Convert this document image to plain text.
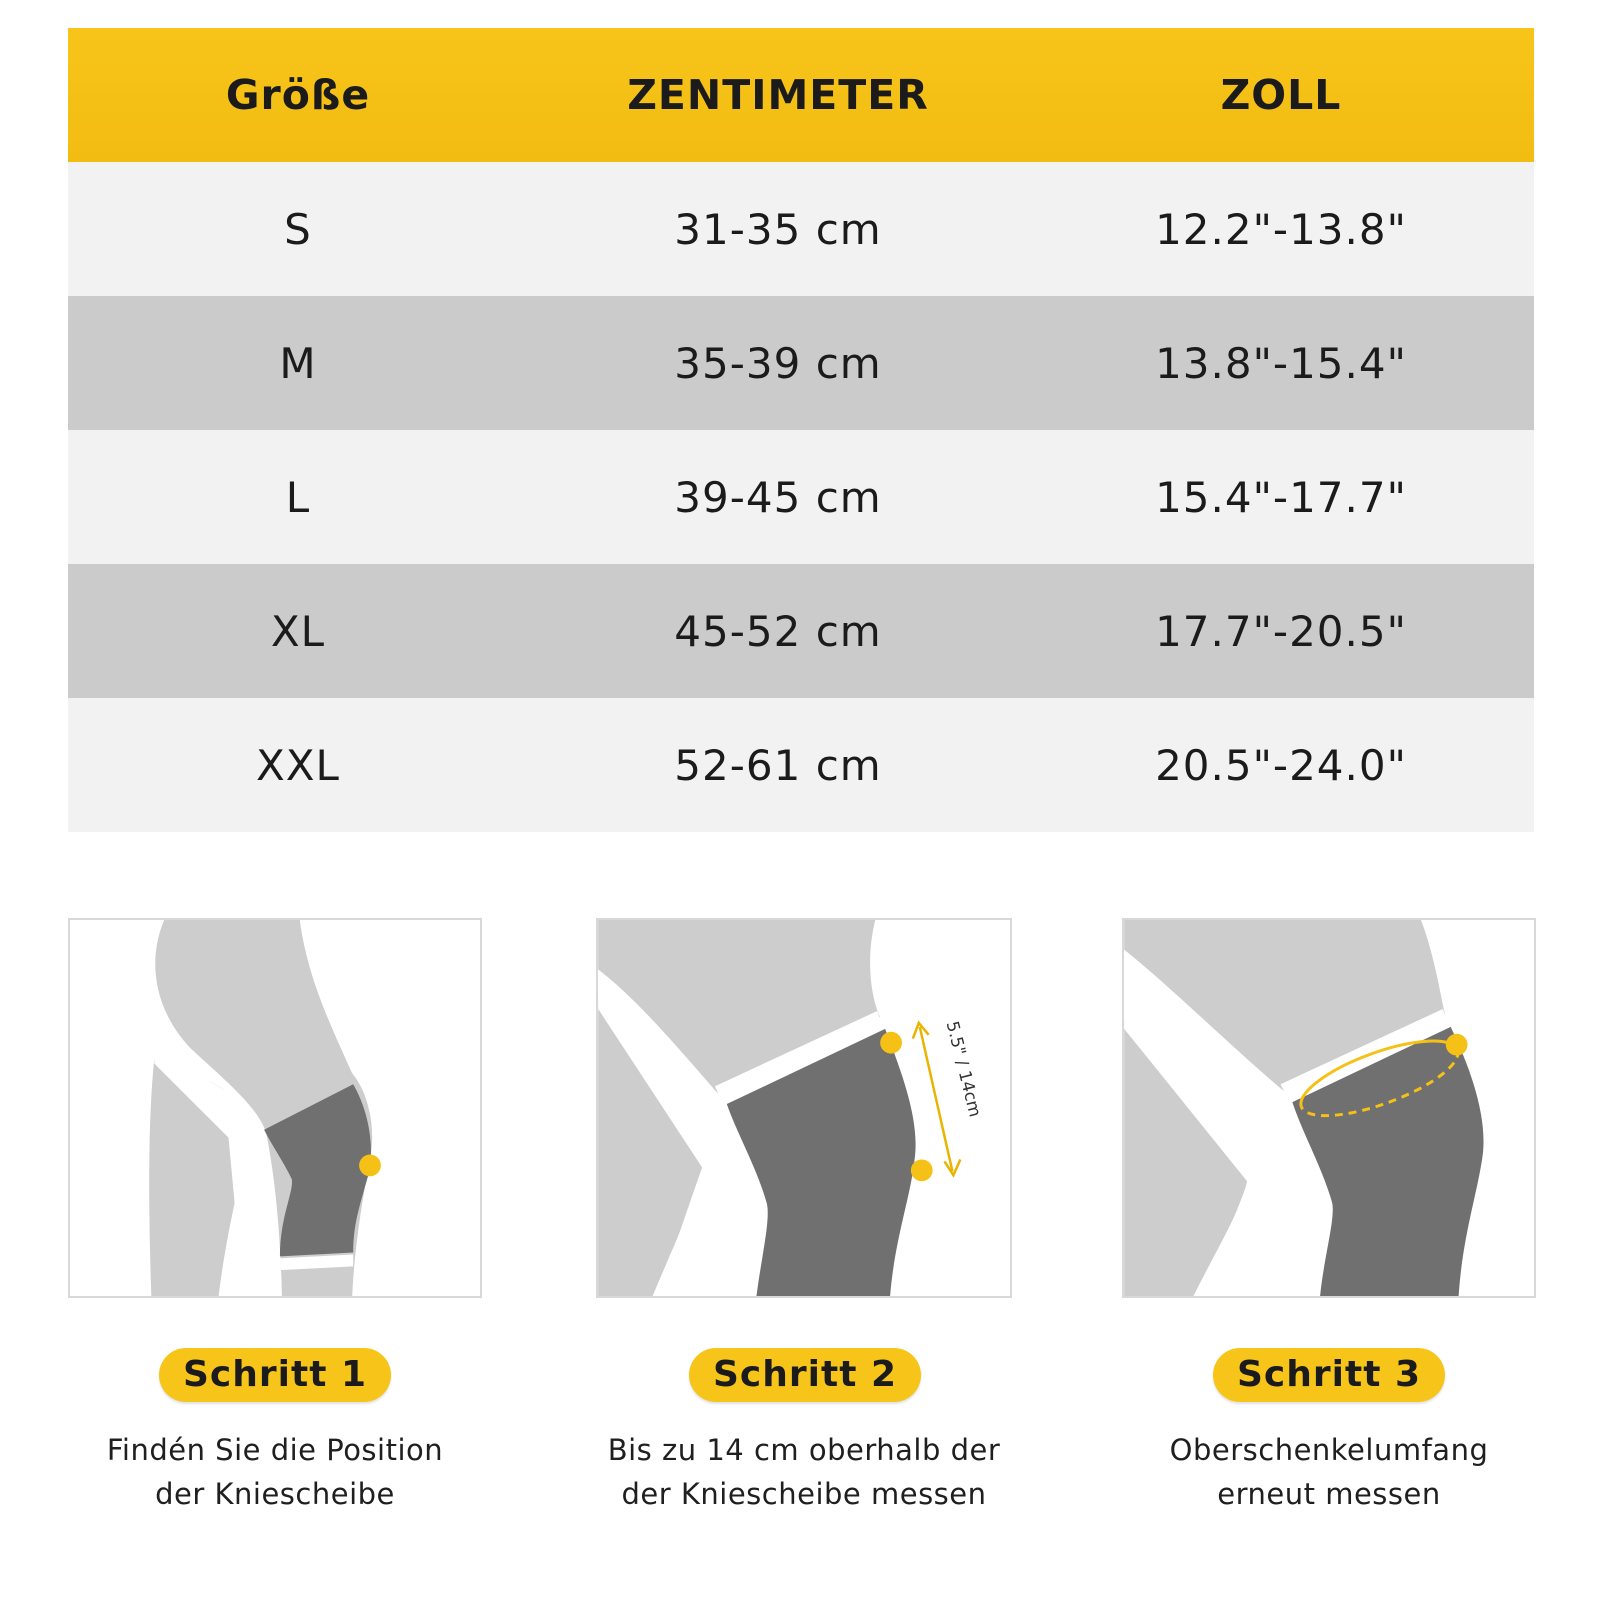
Größe	ZENTIMETER	ZOLL
S	31-35 cm	12.2"-13.8"
M	35-39 cm	13.8"-15.4"
L	39-45 cm	15.4"-17.7"
XL	45-52 cm	17.7"-20.5"
XXL	52-61 cm	20.5"-24.0"
Schritt 1
Findén Sie die Position
der Kniescheibe
5.5" / 14cm
Schritt 2
Bis zu 14 cm oberhalb der
der Kniescheibe messen
Schritt 3
Oberschenkelumfang
erneut messen
